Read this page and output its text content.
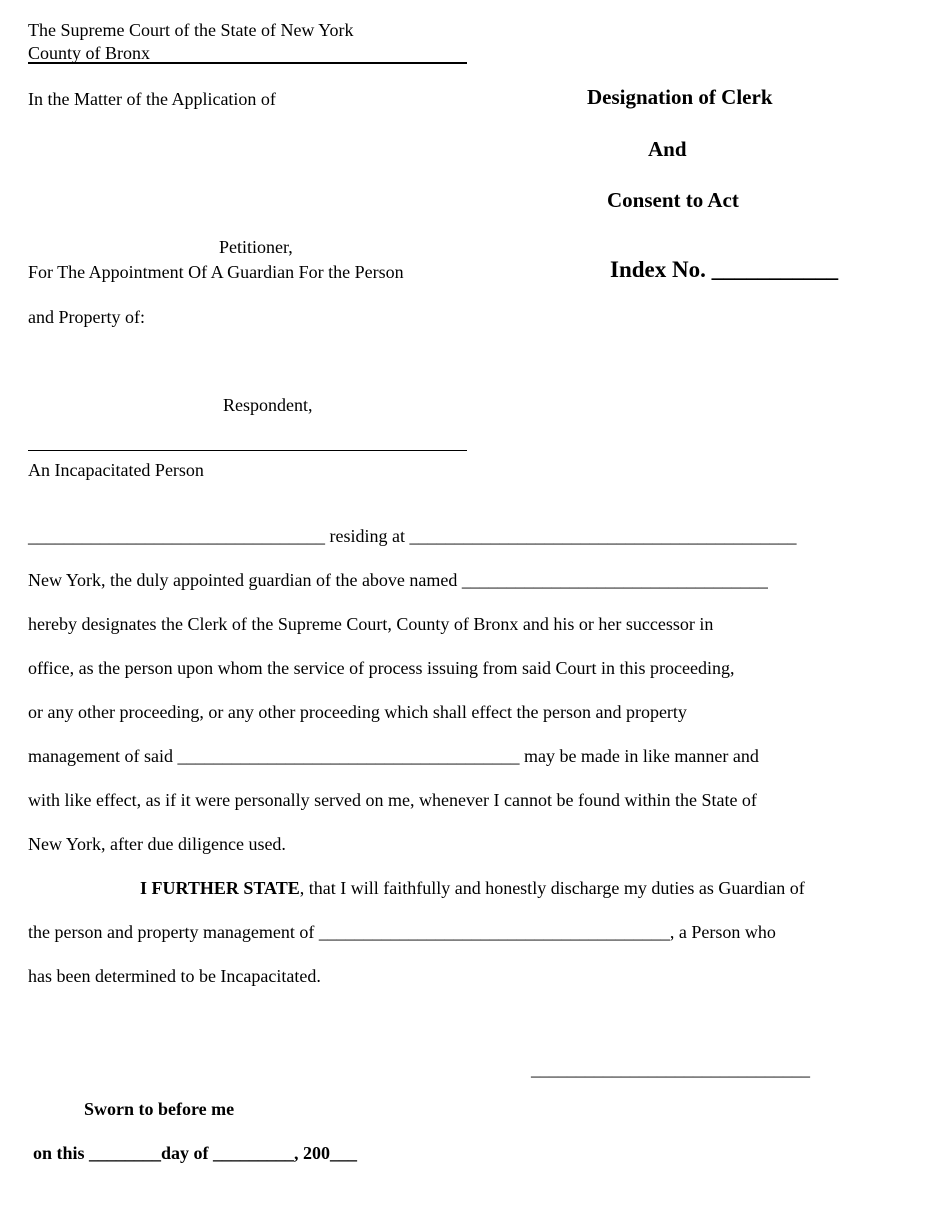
The Supreme Court of the State of New York
County of Bronx
In the Matter of the Application of
Petitioner,
For The Appointment Of A Guardian For the Person
and Property of:
Respondent,
An Incapacitated Person
Designation of Clerk
And
Consent to Act
Index No. ___________
_________________________________ residing at ___________________________________________
New York, the duly appointed guardian of the above named __________________________________
hereby designates the Clerk of the Supreme Court, County of Bronx and his or her successor in
office, as the person upon whom the service of process issuing from said Court in this proceeding,
or any other proceeding, or any other proceeding which shall effect the person and property
management of said ______________________________________ may be made in like manner and
with like effect, as if it were personally served on me, whenever I cannot be found within the State of
New York, after due diligence used.
I FURTHER STATE, that I will faithfully and honestly discharge my duties as Guardian of
the person and property management of _______________________________________, a Person who
has been determined to be Incapacitated.
_______________________________
Sworn to before me
on this ________day of _________, 200___
